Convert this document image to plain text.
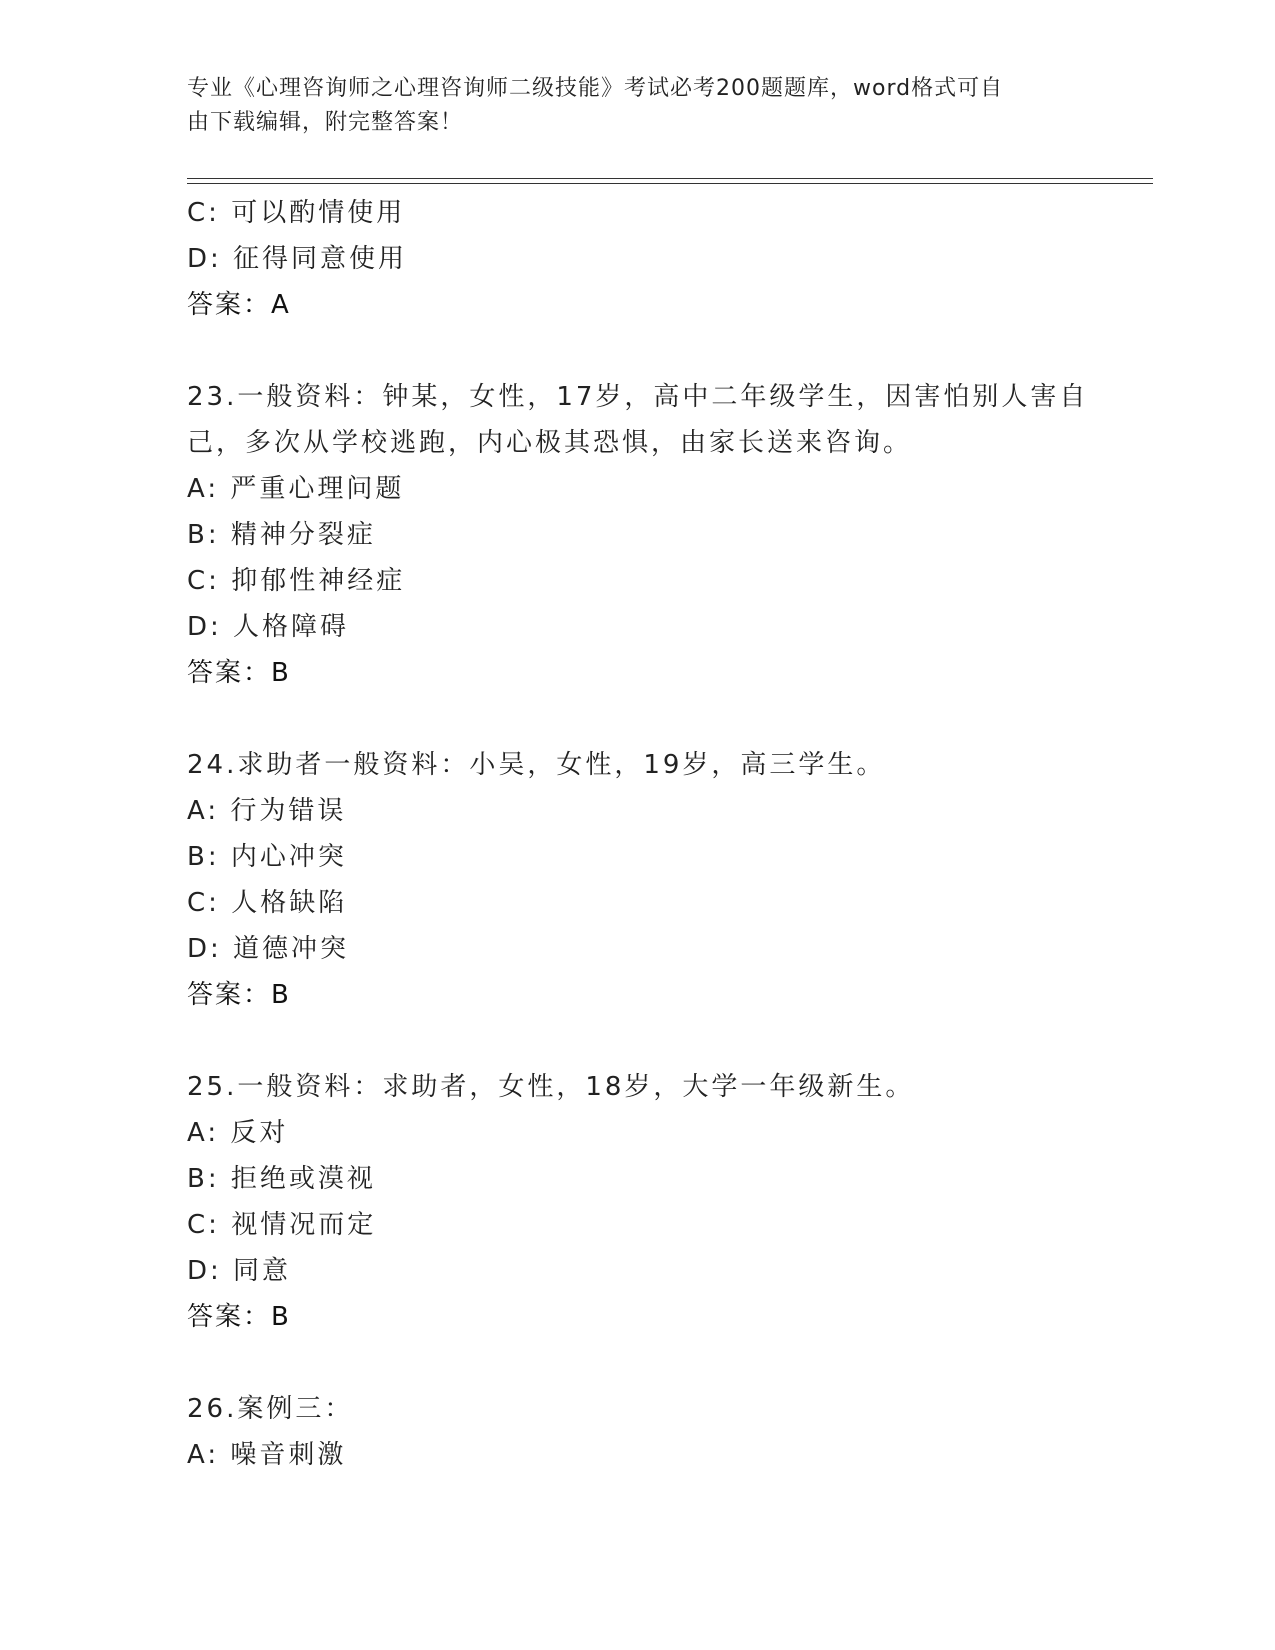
专业《心理咨询师之心理咨询师二级技能》考试必考200题题库，word格式可自
由下载编辑，附完整答案！
C: 可以酌情使用
D: 征得同意使用
答案：A
23.一般资料：钟某，女性，17岁，高中二年级学生，因害怕别人害自
己，多次从学校逃跑，内心极其恐惧，由家长送来咨询。
A: 严重心理问题
B: 精神分裂症
C: 抑郁性神经症
D: 人格障碍
答案：B
24.求助者一般资料：小吴，女性，19岁，高三学生。
A: 行为错误
B: 内心冲突
C: 人格缺陷
D: 道德冲突
答案：B
25.一般资料：求助者，女性，18岁，大学一年级新生。
A: 反对
B: 拒绝或漠视
C: 视情况而定
D: 同意
答案：B
26.案例三：
A: 噪音刺激
